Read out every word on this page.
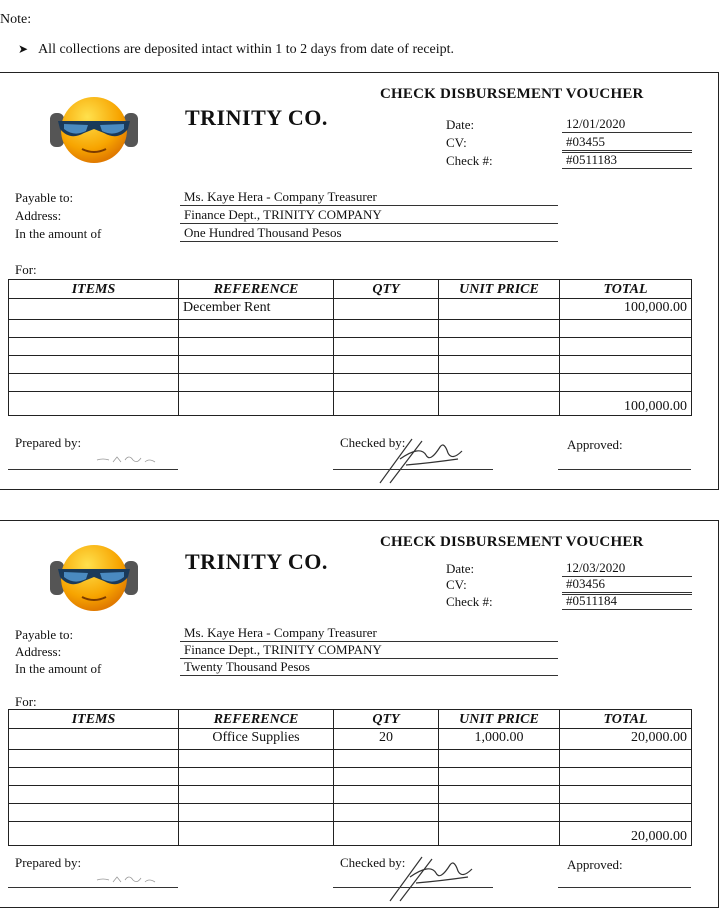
Note:
➤ All collections are deposited intact within 1 to 2 days from date of receipt.
CHECK DISBURSEMENT VOUCHER
TRINITY CO.	Date:	12/01/2020
CV:	#03455
Check #:	#0511183
Payable to:	Ms. Kaye Hera - Company Treasurer
Address:	Finance Dept., TRINITY COMPANY
In the amount of	One Hundred Thousand Pesos
For:
ITEMS	REFERENCE	QTY	UNIT PRICE	TOTAL
	December Rent			100,000.00

				100,000.00
Prepared by:	Checked by:	Approved:
CHECK DISBURSEMENT VOUCHER
TRINITY CO.	Date:	12/03/2020
CV:	#03456
Check #:	#0511184
Payable to:	Ms. Kaye Hera - Company Treasurer
Address:	Finance Dept., TRINITY COMPANY
In the amount of	Twenty Thousand Pesos
For:
ITEMS	REFERENCE	QTY	UNIT PRICE	TOTAL
	Office Supplies	20	1,000.00	20,000.00

				20,000.00
Prepared by:	Checked by:	Approved:
